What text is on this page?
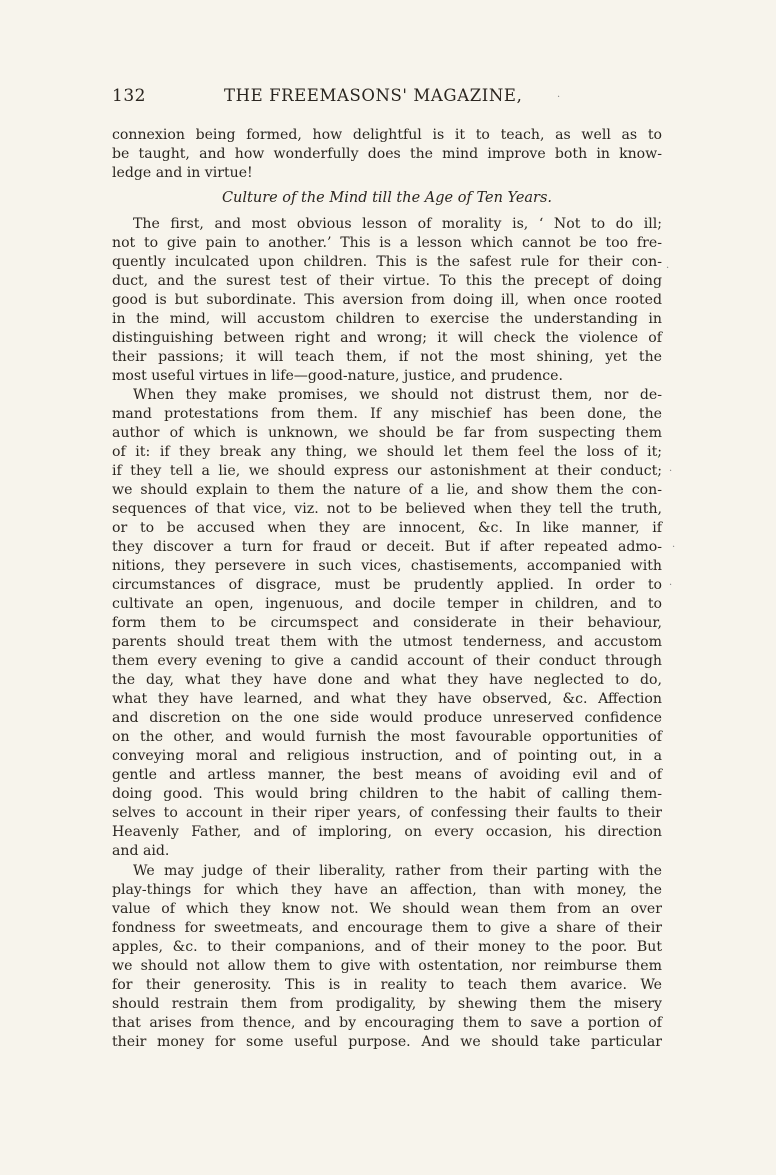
132	THE FREEMASONS' MAGAZINE,
connexion being formed, how delightful is it to teach, as well as to
be taught, and how wonderfully does the mind improve both in know-
ledge and in virtue!
Culture of the Mind till the Age of Ten Years.
The first, and most obvious lesson of morality is, ‘ Not to do ill;
not to give pain to another.’ This is a lesson which cannot be too fre-
quently inculcated upon children. This is the safest rule for their con-
duct, and the surest test of their virtue. To this the precept of doing
good is but subordinate. This aversion from doing ill, when once rooted
in the mind, will accustom children to exercise the understanding in
distinguishing between right and wrong; it will check the violence of
their passions; it will teach them, if not the most shining, yet the
most useful virtues in life—good-nature, justice, and prudence.
When they make promises, we should not distrust them, nor de-
mand protestations from them. If any mischief has been done, the
author of which is unknown, we should be far from suspecting them
of it: if they break any thing, we should let them feel the loss of it;
if they tell a lie, we should express our astonishment at their conduct;
we should explain to them the nature of a lie, and show them the con-
sequences of that vice, viz. not to be believed when they tell the truth,
or to be accused when they are innocent, &c. In like manner, if
they discover a turn for fraud or deceit. But if after repeated admo-
nitions, they persevere in such vices, chastisements, accompanied with
circumstances of disgrace, must be prudently applied. In order to
cultivate an open, ingenuous, and docile temper in children, and to
form them to be circumspect and considerate in their behaviour,
parents should treat them with the utmost tenderness, and accustom
them every evening to give a candid account of their conduct through
the day, what they have done and what they have neglected to do,
what they have learned, and what they have observed, &c. Affection
and discretion on the one side would produce unreserved confidence
on the other, and would furnish the most favourable opportunities of
conveying moral and religious instruction, and of pointing out, in a
gentle and artless manner, the best means of avoiding evil and of
doing good. This would bring children to the habit of calling them-
selves to account in their riper years, of confessing their faults to their
Heavenly Father, and of imploring, on every occasion, his direction
and aid.
We may judge of their liberality, rather from their parting with the
play-things for which they have an affection, than with money, the
value of which they know not. We should wean them from an over
fondness for sweetmeats, and encourage them to give a share of their
apples, &c. to their companions, and of their money to the poor. But
we should not allow them to give with ostentation, nor reimburse them
for their generosity. This is in reality to teach them avarice. We
should restrain them from prodigality, by shewing them the misery
that arises from thence, and by encouraging them to save a portion of
their money for some useful purpose. And we should take particular
·
·
·
·
·
